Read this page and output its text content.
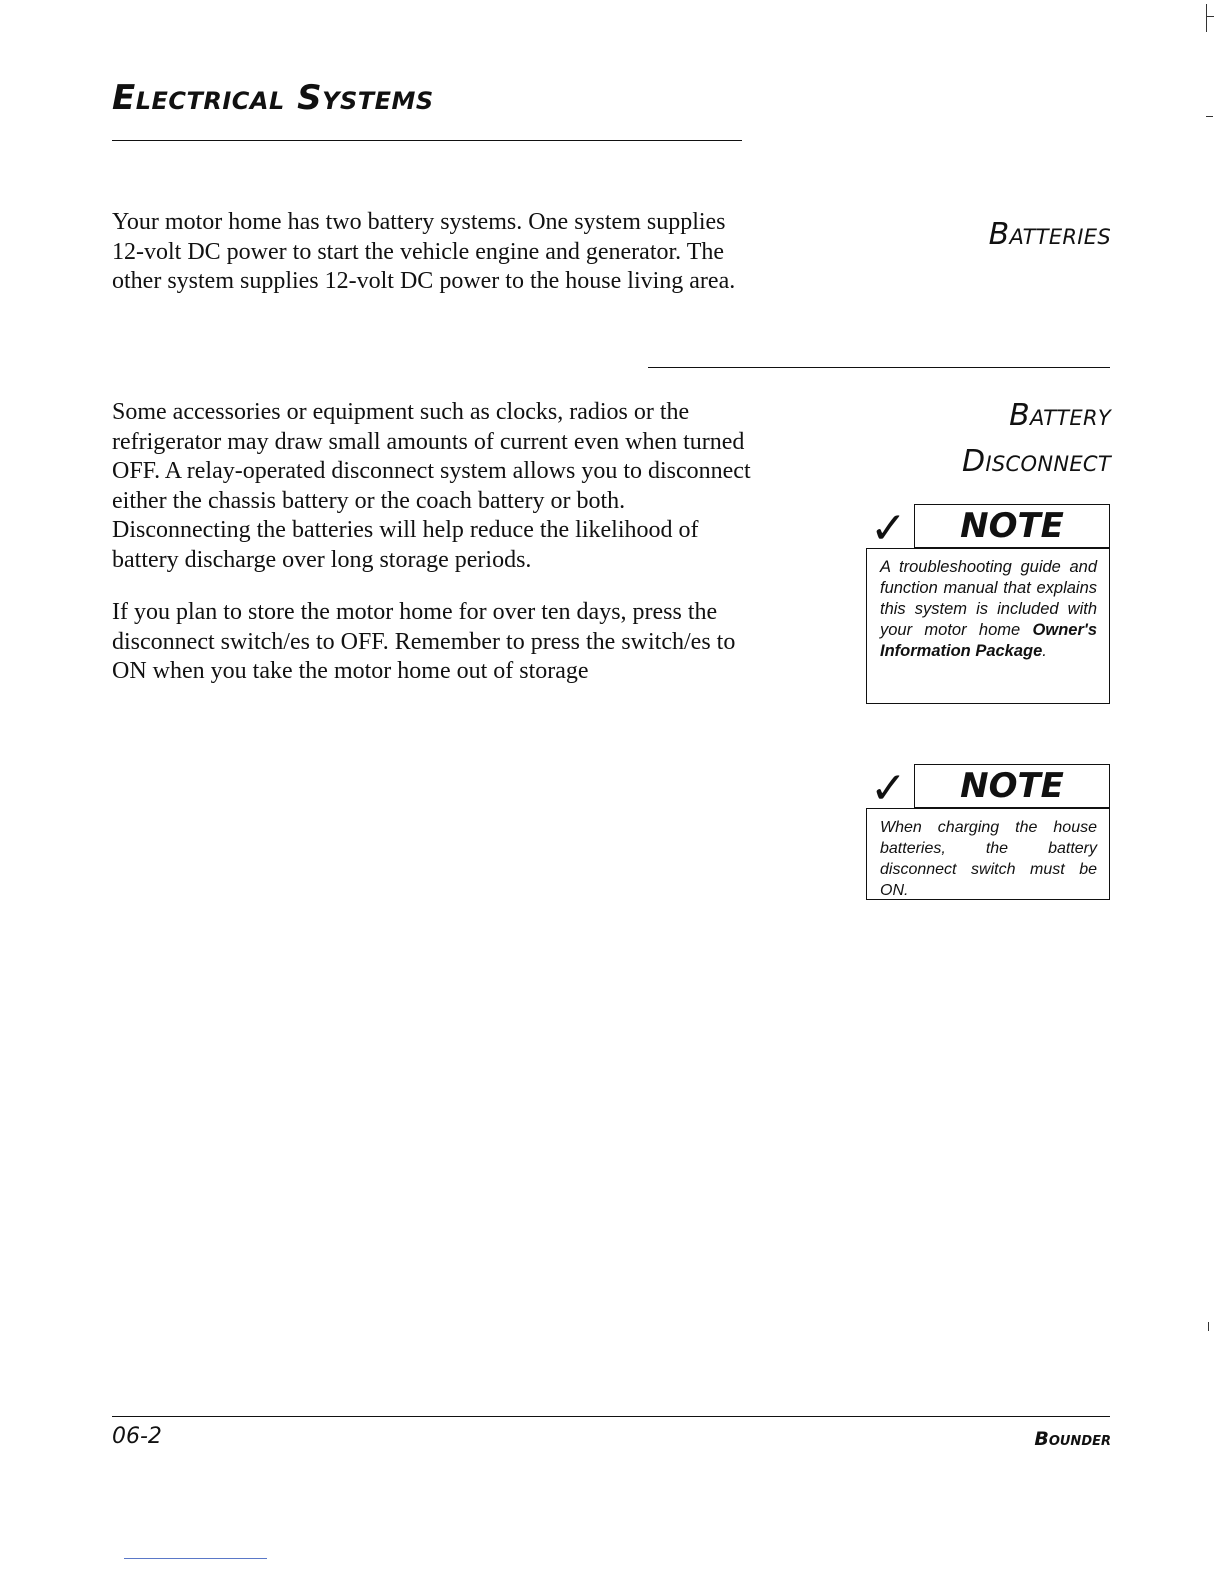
Electrical Systems

Your motor home has two battery systems. One system supplies 12-volt DC power to start the vehicle engine and generator. The other system supplies 12-volt DC power to the house living area.

Batteries

Battery
Disconnect

Some accessories or equipment such as clocks, radios or the refrigerator may draw small amounts of current even when turned OFF. A relay-operated disconnect system allows you to disconnect either the chassis battery or the coach battery or both. Disconnecting the batteries will help reduce the likelihood of battery discharge over long storage periods.

If you plan to store the motor home for over ten days, press the disconnect switch/es to OFF. Remember to press the switch/es to ON when you take the motor home out of storage

✓	NOTE
A troubleshooting guide and function manual that explains this system is included with your motor home Owner's Information Package.
✓	NOTE
When charging the house batteries, the battery disconnect switch must be ON.
06-2	Bounder
